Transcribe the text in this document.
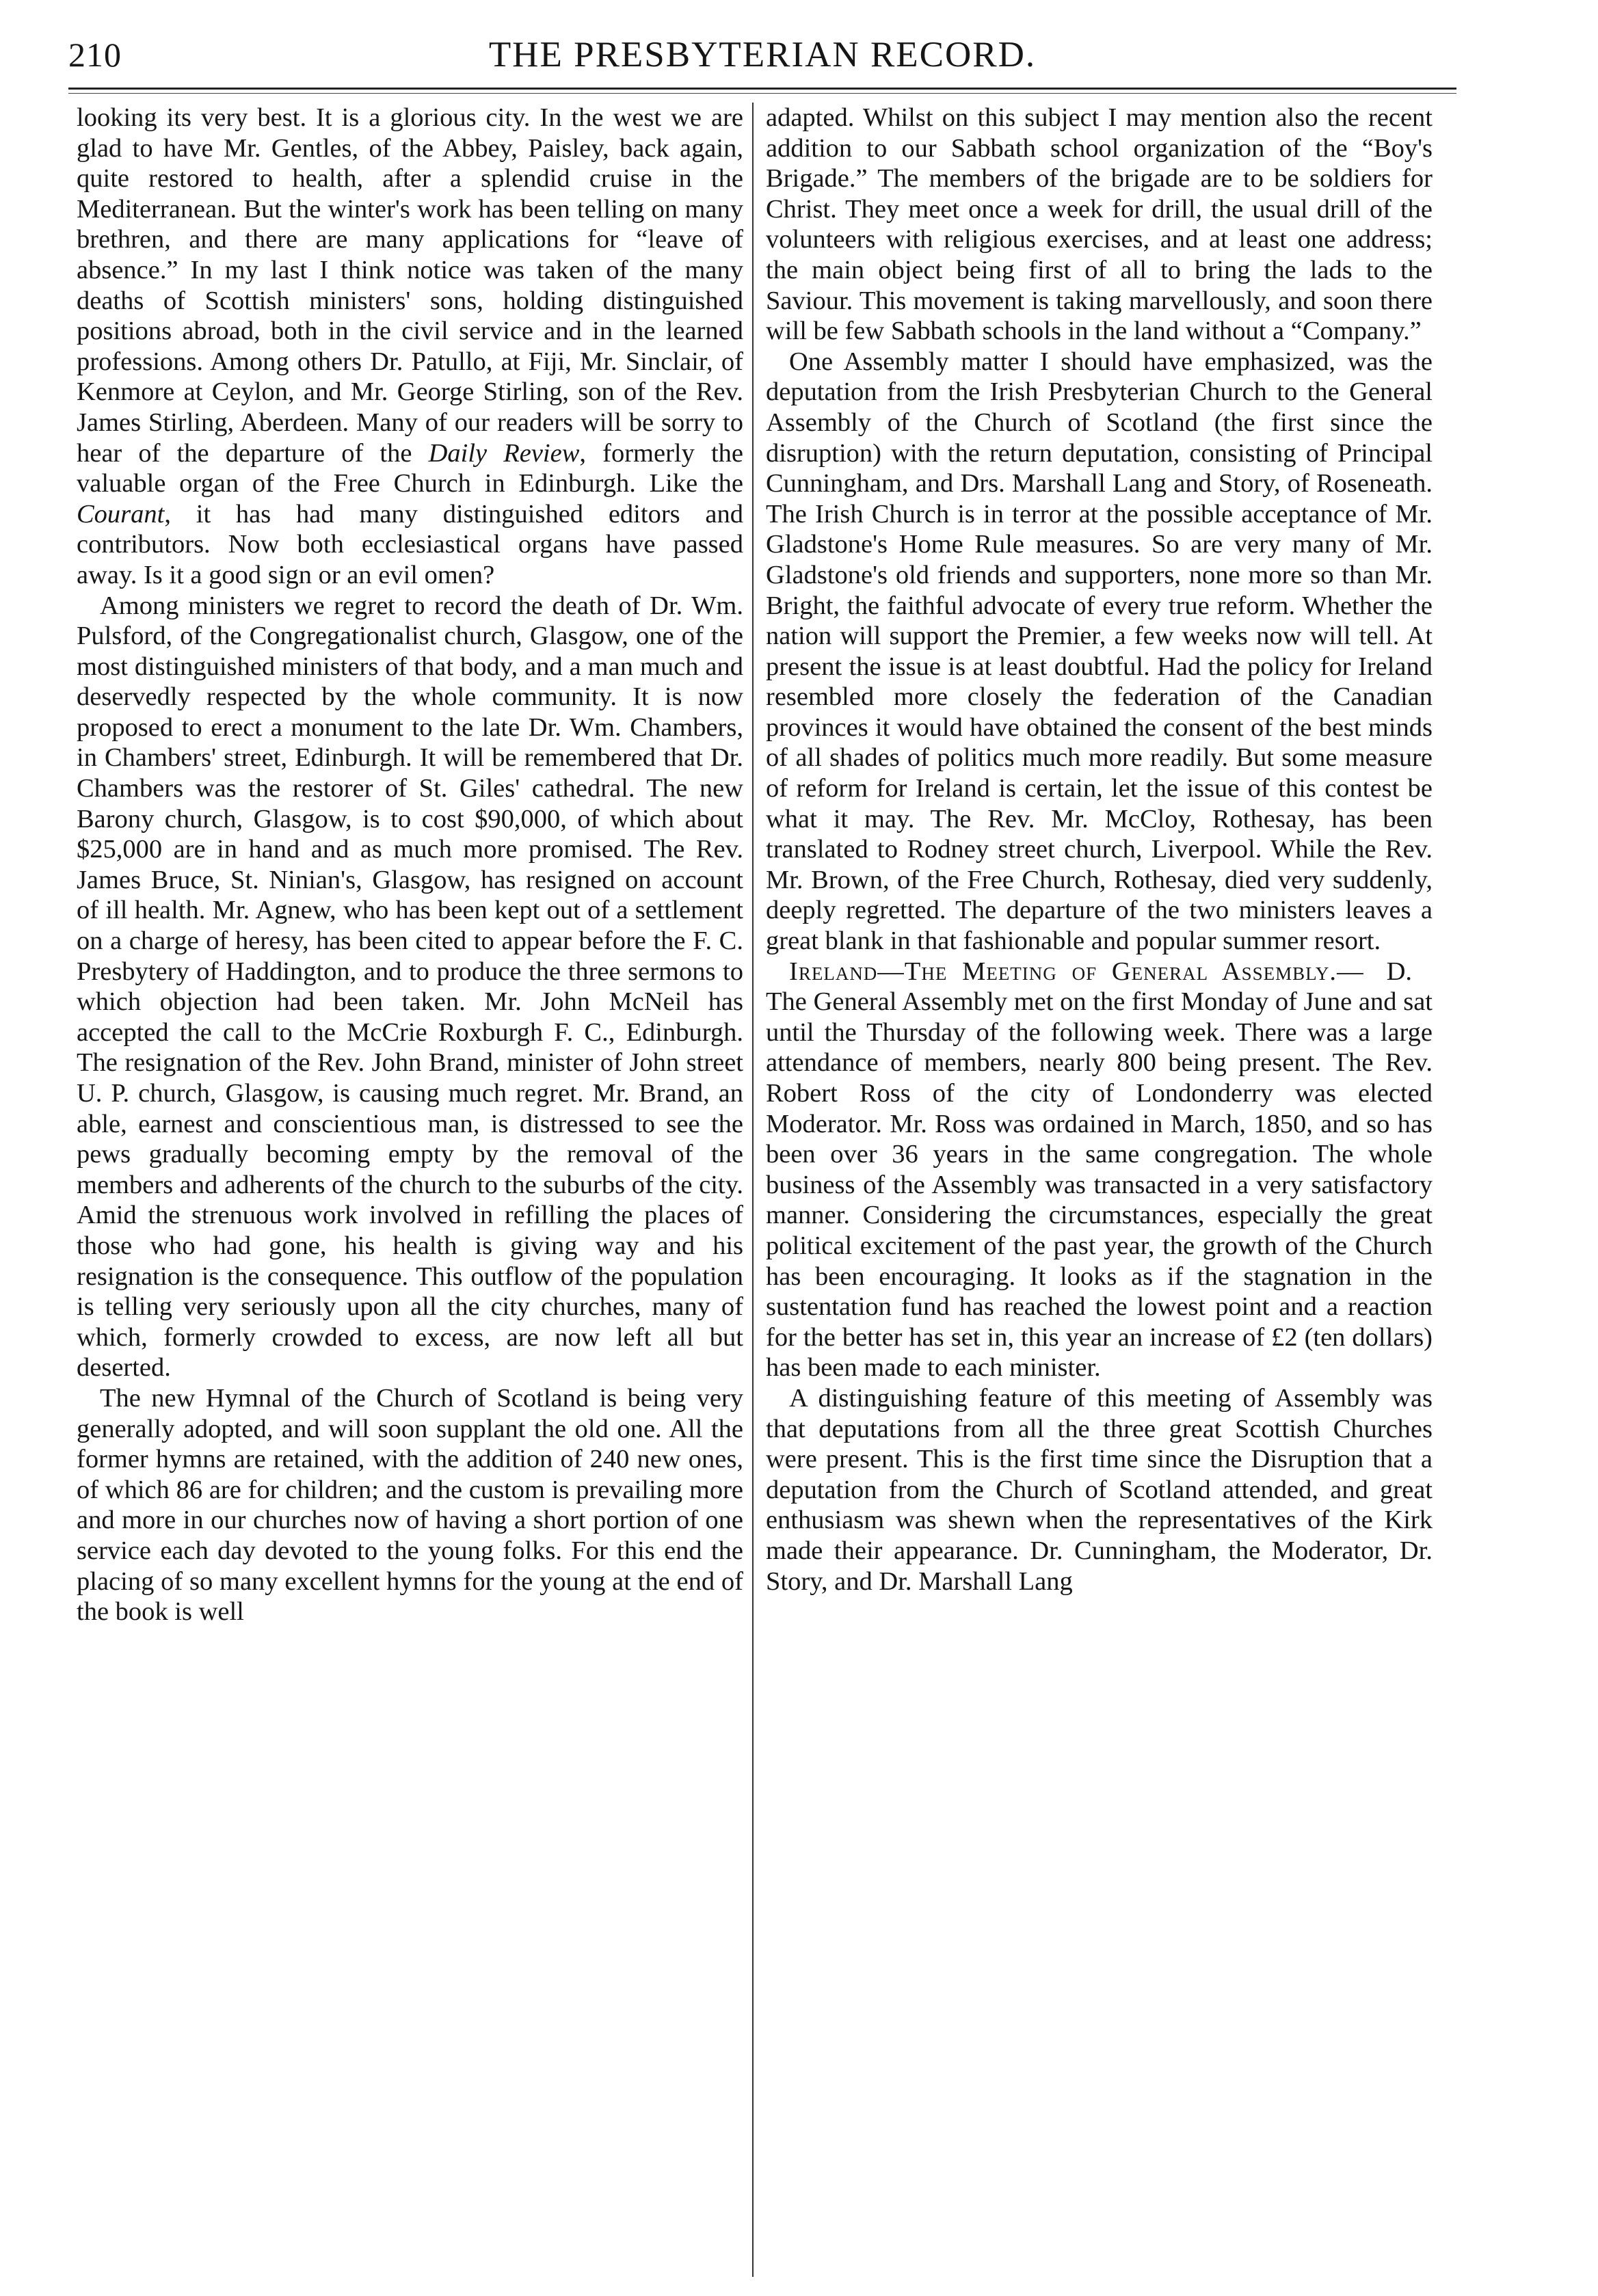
210	THE PRESBYTERIAN RECORD.

looking its very best. It is a glorious city. In the west we are glad to have Mr. Gentles, of the Abbey, Paisley, back again, quite restored to health, after a splendid cruise in the Mediterranean. But the winter's work has been telling on many brethren, and there are many applications for “leave of absence.” In my last I think notice was taken of the many deaths of Scottish ministers' sons, holding distinguished positions abroad, both in the civil service and in the learned professions. Among others Dr. Patullo, at Fiji, Mr. Sinclair, of Kenmore at Ceylon, and Mr. George Stirling, son of the Rev. James Stirling, Aberdeen. Many of our readers will be sorry to hear of the departure of the Daily Review, formerly the valuable organ of the Free Church in Edinburgh. Like the Courant, it has had many distinguished editors and contributors. Now both ecclesiastical organs have passed away. Is it a good sign or an evil omen?

Among ministers we regret to record the death of Dr. Wm. Pulsford, of the Congregationalist church, Glasgow, one of the most distinguished ministers of that body, and a man much and deservedly respected by the whole community. It is now proposed to erect a monument to the late Dr. Wm. Chambers, in Chambers' street, Edinburgh. It will be remembered that Dr. Chambers was the restorer of St. Giles' cathedral. The new Barony church, Glasgow, is to cost $90,000, of which about $25,000 are in hand and as much more promised. The Rev. James Bruce, St. Ninian's, Glasgow, has resigned on account of ill health. Mr. Agnew, who has been kept out of a settlement on a charge of heresy, has been cited to appear before the F. C. Presbytery of Haddington, and to produce the three sermons to which objection had been taken. Mr. John McNeil has accepted the call to the McCrie Roxburgh F. C., Edinburgh. The resignation of the Rev. John Brand, minister of John street U. P. church, Glasgow, is causing much regret. Mr. Brand, an able, earnest and conscientious man, is distressed to see the pews gradually becoming empty by the removal of the members and adherents of the church to the suburbs of the city. Amid the strenuous work involved in refilling the places of those who had gone, his health is giving way and his resignation is the consequence. This outflow of the population is telling very seriously upon all the city churches, many of which, formerly crowded to excess, are now left all but deserted.

The new Hymnal of the Church of Scotland is being very generally adopted, and will soon supplant the old one. All the former hymns are retained, with the addition of 240 new ones, of which 86 are for children; and the custom is prevailing more and more in our churches now of having a short portion of one service each day devoted to the young folks. For this end the placing of so many excellent hymns for the young at the end of the book is well

adapted. Whilst on this subject I may mention also the recent addition to our Sabbath school organization of the “Boy's Brigade.” The members of the brigade are to be soldiers for Christ. They meet once a week for drill, the usual drill of the volunteers with religious exercises, and at least one address; the main object being first of all to bring the lads to the Saviour. This movement is taking marvellously, and soon there will be few Sabbath schools in the land without a “Company.”

One Assembly matter I should have emphasized, was the deputation from the Irish Presbyterian Church to the General Assembly of the Church of Scotland (the first since the disruption) with the return deputation, consisting of Principal Cunningham, and Drs. Marshall Lang and Story, of Roseneath. The Irish Church is in terror at the possible acceptance of Mr. Gladstone's Home Rule measures. So are very many of Mr. Gladstone's old friends and supporters, none more so than Mr. Bright, the faithful advocate of every true reform. Whether the nation will support the Premier, a few weeks now will tell. At present the issue is at least doubtful. Had the policy for Ireland resembled more closely the federation of the Canadian provinces it would have obtained the consent of the best minds of all shades of politics much more readily. But some measure of reform for Ireland is certain, let the issue of this contest be what it may. The Rev. Mr. McCloy, Rothesay, has been translated to Rodney street church, Liverpool. While the Rev. Mr. Brown, of the Free Church, Rothesay, died very suddenly, deeply regretted. The departure of the two ministers leaves a great blank in that fashionable and popular summer resort.
D.

Ireland—The Meeting of General Assembly.—The General Assembly met on the first Monday of June and sat until the Thursday of the following week. There was a large attendance of members, nearly 800 being present. The Rev. Robert Ross of the city of Londonderry was elected Moderator. Mr. Ross was ordained in March, 1850, and so has been over 36 years in the same congregation. The whole business of the Assembly was transacted in a very satisfactory manner. Considering the circumstances, especially the great political excitement of the past year, the growth of the Church has been encouraging. It looks as if the stagnation in the sustentation fund has reached the lowest point and a reaction for the better has set in, this year an increase of £2 (ten dollars) has been made to each minister.

A distinguishing feature of this meeting of Assembly was that deputations from all the three great Scottish Churches were present. This is the first time since the Disruption that a deputation from the Church of Scotland attended, and great enthusiasm was shewn when the representatives of the Kirk made their appearance. Dr. Cunningham, the Moderator, Dr. Story, and Dr. Marshall Lang
